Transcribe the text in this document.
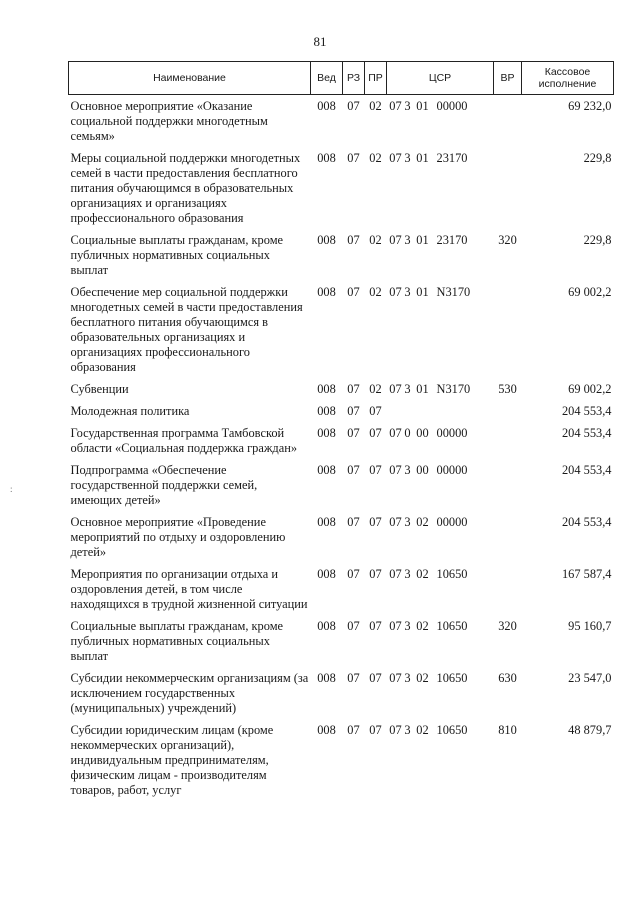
81
:
Наименование	Вед	РЗ	ПР	ЦСР	ВР	Кассовое исполнение
Основное мероприятие «Оказание социальной поддержки многодетным семьям»	008	07	02	07 3 01 00000		69 232,0
Меры социальной поддержки многодетных семей в части предоставления бесплатного питания обучающимся в образовательных организациях и организациях профессионального образования	008	07	02	07 3 01 23170		229,8
Социальные выплаты гражданам, кроме публичных нормативных социальных выплат	008	07	02	07 3 01 23170	320	229,8
Обеспечение мер социальной поддержки многодетных семей в части предоставления бесплатного питания обучающимся в образовательных организациях и организациях профессионального образования	008	07	02	07 3 01 N3170		69 002,2
Субвенции	008	07	02	07 3 01 N3170	530	69 002,2
Молодежная политика	008	07	07			204 553,4
Государственная программа Тамбовской области «Социальная поддержка граждан»	008	07	07	07 0 00 00000		204 553,4
Подпрограмма «Обеспечение государственной поддержки семей, имеющих детей»	008	07	07	07 3 00 00000		204 553,4
Основное мероприятие «Проведение мероприятий по отдыху и оздоровлению детей»	008	07	07	07 3 02 00000		204 553,4
Мероприятия по организации отдыха и оздоровления детей, в том числе находящихся в трудной жизненной ситуации	008	07	07	07 3 02 10650		167 587,4
Социальные выплаты гражданам, кроме публичных нормативных социальных выплат	008	07	07	07 3 02 10650	320	95 160,7
Субсидии некоммерческим организациям (за исключением государственных (муниципальных) учреждений)	008	07	07	07 3 02 10650	630	23 547,0
Субсидии юридическим лицам (кроме некоммерческих организаций), индивидуальным предпринимателям, физическим лицам - производителям товаров, работ, услуг	008	07	07	07 3 02 10650	810	48 879,7
